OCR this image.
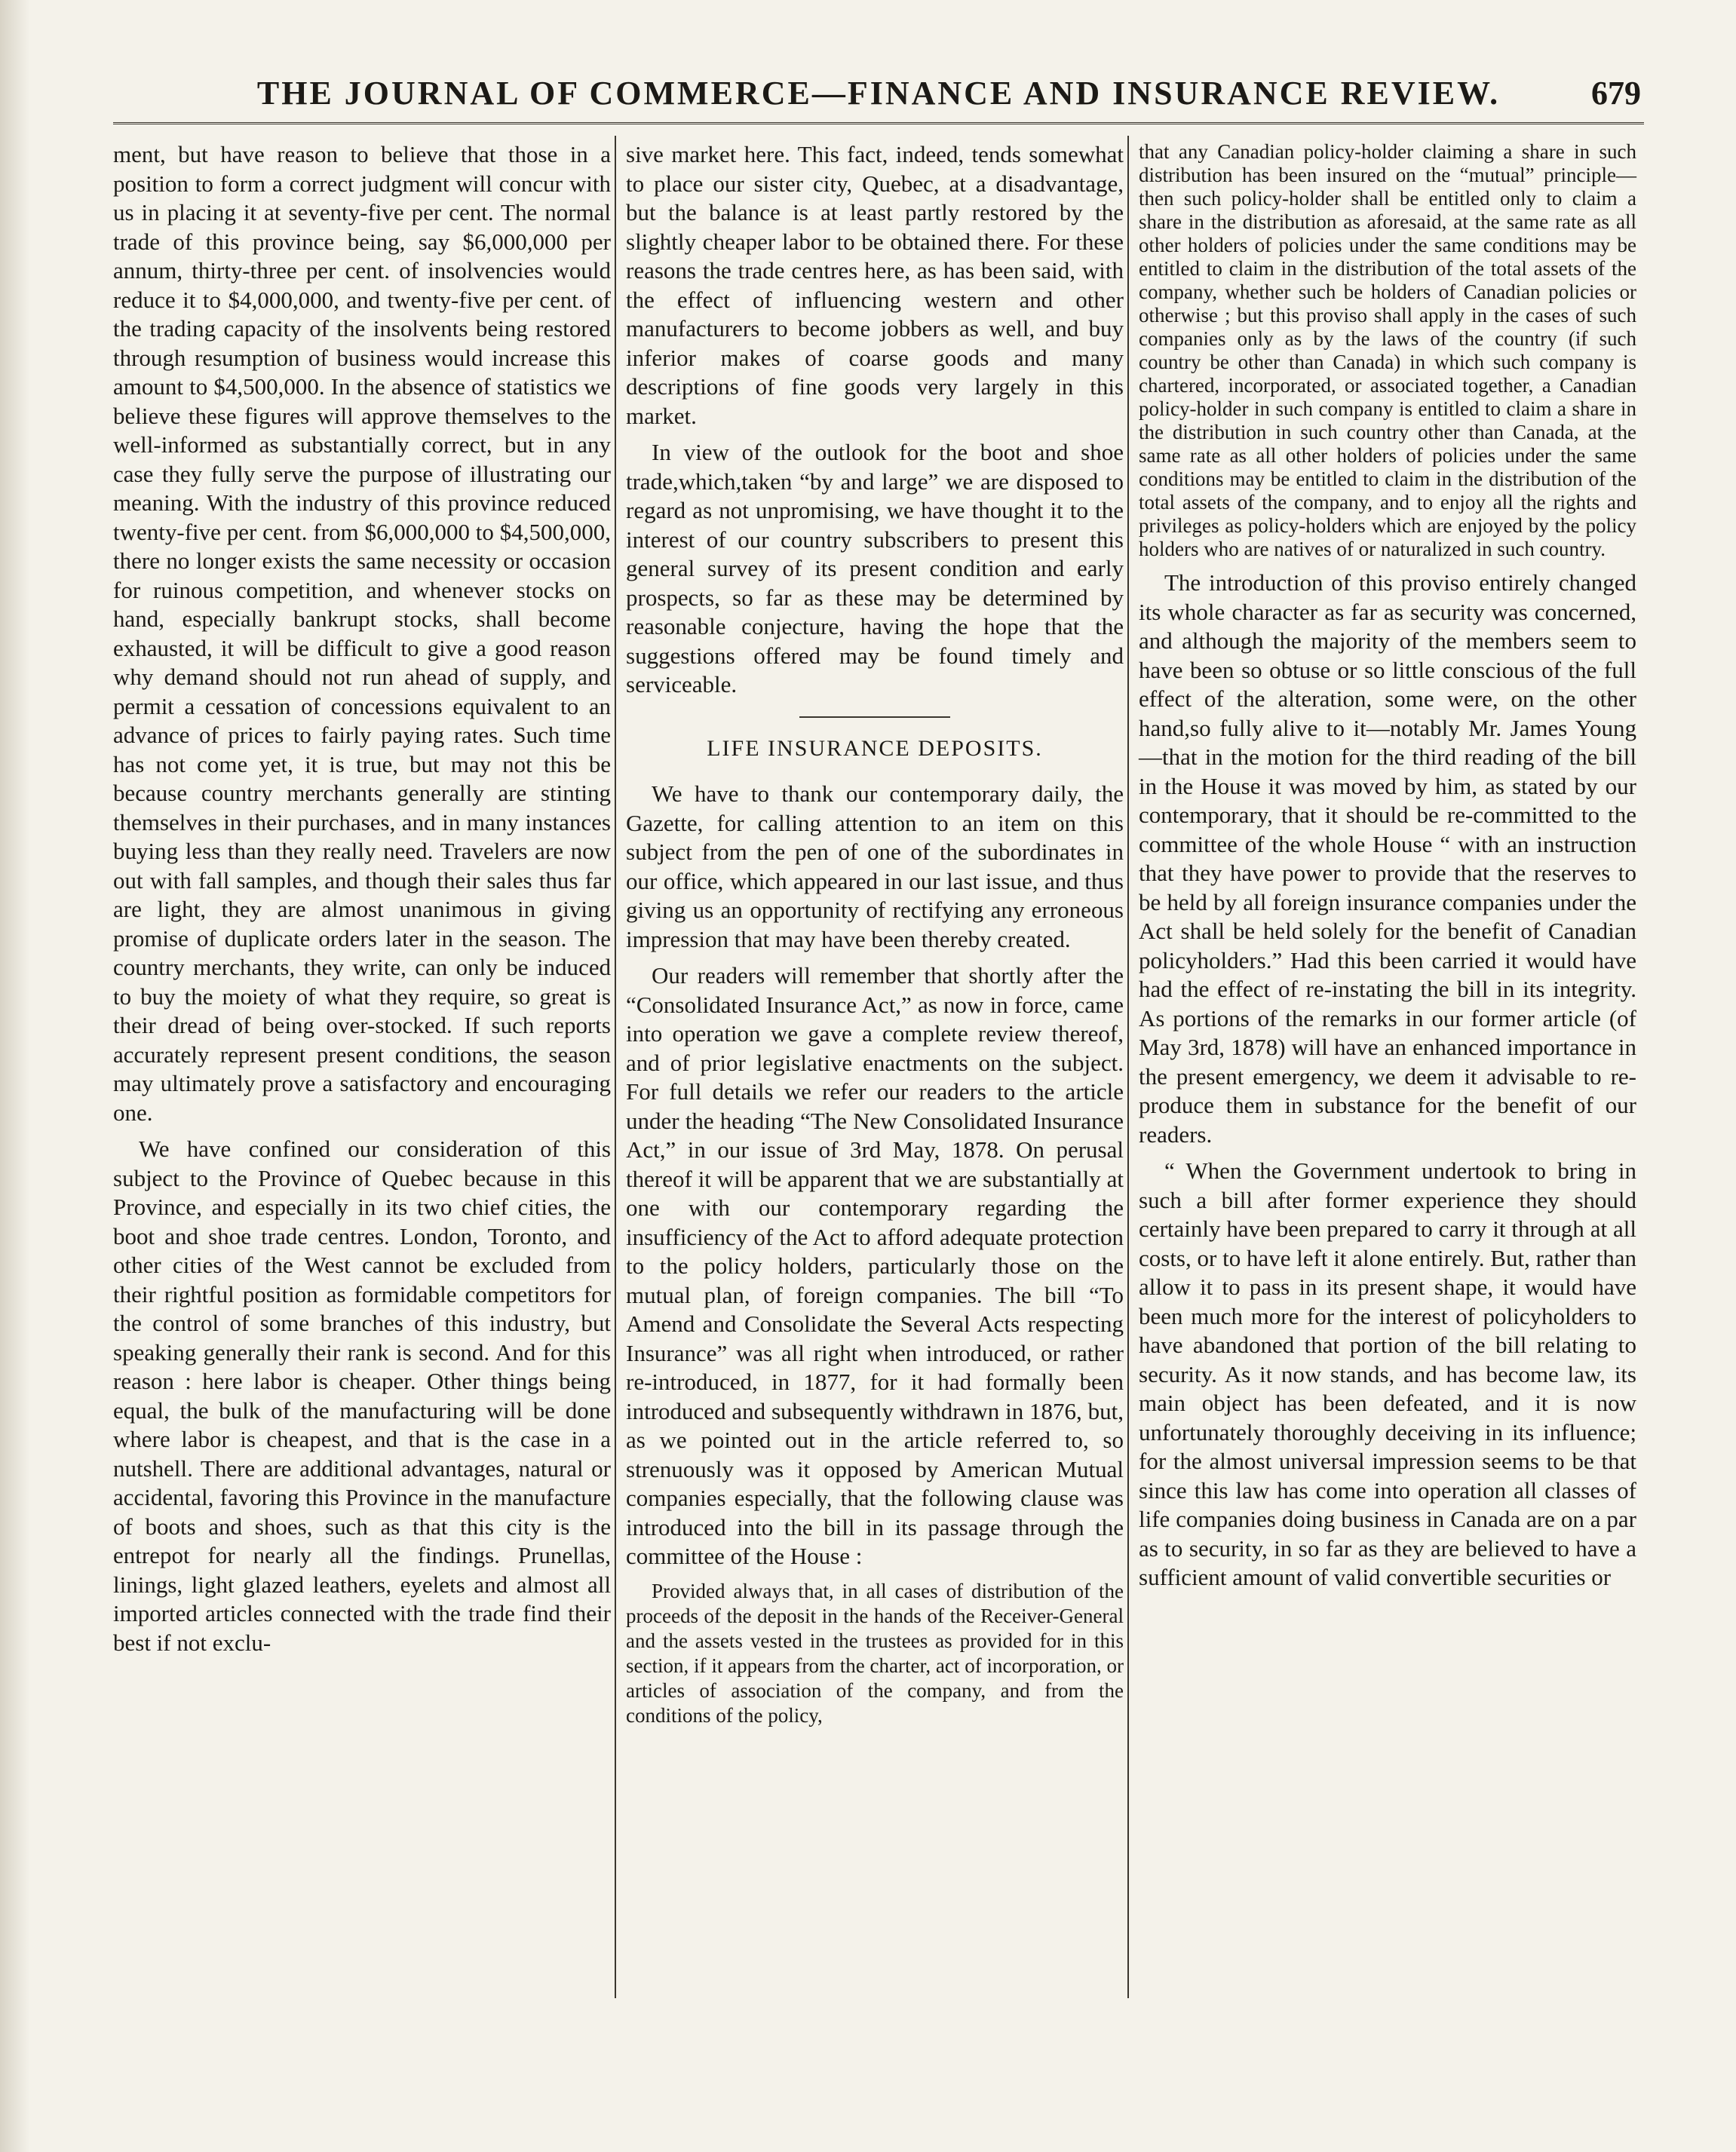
THE JOURNAL OF COMMERCE—FINANCE AND INSURANCE REVIEW.	679

ment, but have reason to believe that those in a position to form a correct judgment will concur with us in placing it at seventy-five per cent. The normal trade of this province being, say $6,000,000 per annum, thirty-three per cent. of insolvencies would reduce it to $4,000,000, and twenty-five per cent. of the trading capacity of the insolvents being restored through resumption of business would increase this amount to $4,500,000. In the absence of statistics we believe these figures will approve themselves to the well-informed as substantially correct, but in any case they fully serve the purpose of illustrating our meaning. With the industry of this province reduced twenty-five per cent. from $6,000,000 to $4,500,000, there no longer exists the same necessity or occasion for ruinous competition, and whenever stocks on hand, especially bankrupt stocks, shall become exhausted, it will be difficult to give a good reason why demand should not run ahead of supply, and permit a cessation of concessions equivalent to an advance of prices to fairly paying rates. Such time has not come yet, it is true, but may not this be because country merchants generally are stinting themselves in their purchases, and in many instances buying less than they really need. Travelers are now out with fall samples, and though their sales thus far are light, they are almost unanimous in giving promise of duplicate orders later in the season. The country merchants, they write, can only be induced to buy the moiety of what they require, so great is their dread of being over-stocked. If such reports accurately represent present conditions, the season may ultimately prove a satisfactory and encouraging one.

We have confined our consideration of this subject to the Province of Quebec because in this Province, and especially in its two chief cities, the boot and shoe trade centres. London, Toronto, and other cities of the West cannot be excluded from their rightful position as formidable competitors for the control of some branches of this industry, but speaking generally their rank is second. And for this reason : here labor is cheaper. Other things being equal, the bulk of the manufacturing will be done where labor is cheapest, and that is the case in a nutshell. There are additional advantages, natural or accidental, favoring this Province in the manufacture of boots and shoes, such as that this city is the entrepot for nearly all the findings. Prunellas, linings, light glazed leathers, eyelets and almost all imported articles connected with the trade find their best if not exclu-

sive market here. This fact, indeed, tends somewhat to place our sister city, Quebec, at a disadvantage, but the balance is at least partly restored by the slightly cheaper labor to be obtained there. For these reasons the trade centres here, as has been said, with the effect of influencing western and other manufacturers to become jobbers as well, and buy inferior makes of coarse goods and many descriptions of fine goods very largely in this market.

In view of the outlook for the boot and shoe trade,which,taken “by and large” we are disposed to regard as not unpromising, we have thought it to the interest of our country subscribers to present this general survey of its present condition and early prospects, so far as these may be determined by reasonable conjecture, having the hope that the suggestions offered may be found timely and serviceable.

LIFE INSURANCE DEPOSITS.

We have to thank our contemporary daily, the Gazette, for calling attention to an item on this subject from the pen of one of the subordinates in our office, which appeared in our last issue, and thus giving us an opportunity of rectifying any erroneous impression that may have been thereby created.

Our readers will remember that shortly after the “Consolidated Insurance Act,” as now in force, came into operation we gave a complete review thereof, and of prior legislative enactments on the subject. For full details we refer our readers to the article under the heading “The New Consolidated Insurance Act,” in our issue of 3rd May, 1878. On perusal thereof it will be apparent that we are substantially at one with our contemporary regarding the insufficiency of the Act to afford adequate protection to the policy holders, particularly those on the mutual plan, of foreign companies. The bill “To Amend and Consolidate the Several Acts respecting Insurance” was all right when introduced, or rather re-introduced, in 1877, for it had formally been introduced and subsequently withdrawn in 1876, but, as we pointed out in the article referred to, so strenuously was it opposed by American Mutual companies especially, that the following clause was introduced into the bill in its passage through the committee of the House :

Provided always that, in all cases of distribution of the proceeds of the deposit in the hands of the Receiver-General and the assets vested in the trustees as provided for in this section, if it appears from the charter, act of incorporation, or articles of association of the company, and from the conditions of the policy,

that any Canadian policy-holder claiming a share in such distribution has been insured on the “mutual” principle—then such policy-holder shall be entitled only to claim a share in the distribution as aforesaid, at the same rate as all other holders of policies under the same conditions may be entitled to claim in the distribution of the total assets of the company, whether such be holders of Canadian policies or otherwise ; but this proviso shall apply in the cases of such companies only as by the laws of the country (if such country be other than Canada) in which such company is chartered, incorporated, or associated together, a Canadian policy-holder in such company is entitled to claim a share in the distribution in such country other than Canada, at the same rate as all other holders of policies under the same conditions may be entitled to claim in the distribution of the total assets of the company, and to enjoy all the rights and privileges as policy-holders which are enjoyed by the policy holders who are natives of or naturalized in such country.

The introduction of this proviso entirely changed its whole character as far as security was concerned, and although the majority of the members seem to have been so obtuse or so little conscious of the full effect of the alteration, some were, on the other hand,so fully alive to it—notably Mr. James Young—that in the motion for the third reading of the bill in the House it was moved by him, as stated by our contemporary, that it should be re-committed to the committee of the whole House “ with an instruction that they have power to provide that the reserves to be held by all foreign insurance companies under the Act shall be held solely for the benefit of Canadian policyholders.” Had this been carried it would have had the effect of re-instating the bill in its integrity. As portions of the remarks in our former article (of May 3rd, 1878) will have an enhanced importance in the present emergency, we deem it advisable to re-produce them in substance for the benefit of our readers.

“ When the Government undertook to bring in such a bill after former experience they should certainly have been prepared to carry it through at all costs, or to have left it alone entirely. But, rather than allow it to pass in its present shape, it would have been much more for the interest of policyholders to have abandoned that portion of the bill relating to security. As it now stands, and has become law, its main object has been defeated, and it is now unfortunately thoroughly deceiving in its influence; for the almost universal impression seems to be that since this law has come into operation all classes of life companies doing business in Canada are on a par as to security, in so far as they are believed to have a sufficient amount of valid convertible securities or
